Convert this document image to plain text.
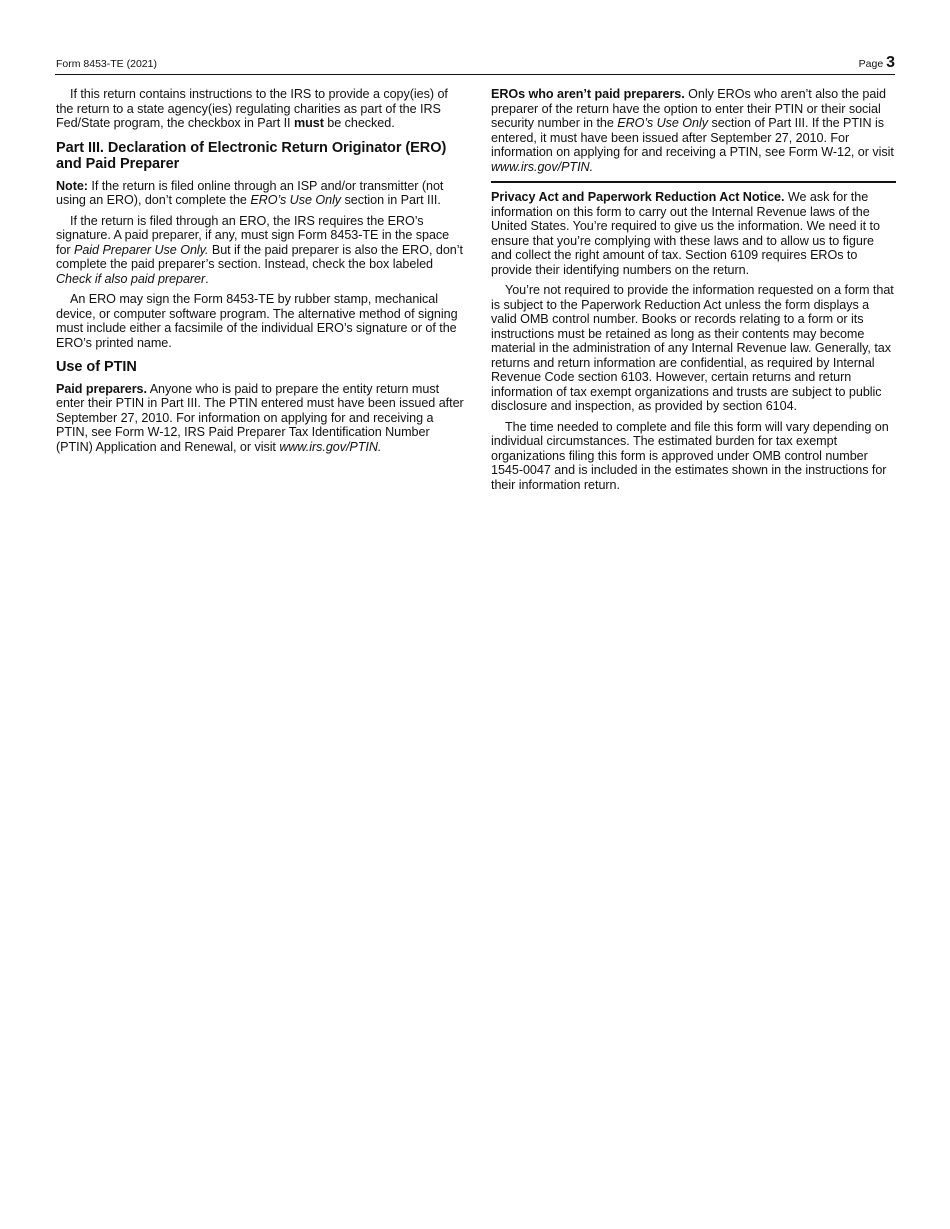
Form 8453-TE (2021)	Page 3

If this return contains instructions to the IRS to provide a copy(ies) of the return to a state agency(ies) regulating charities as part of the IRS Fed/State program, the checkbox in Part II must be checked.

Part III. Declaration of Electronic Return Originator (ERO) and Paid Preparer

Note: If the return is filed online through an ISP and/or transmitter (not using an ERO), don’t complete the ERO’s Use Only section in Part III.

If the return is filed through an ERO, the IRS requires the ERO’s signature. A paid preparer, if any, must sign Form 8453-TE in the space for Paid Preparer Use Only. But if the paid preparer is also the ERO, don’t complete the paid preparer’s section. Instead, check the box labeled Check if also paid preparer.

An ERO may sign the Form 8453-TE by rubber stamp, mechanical device, or computer software program. The alternative method of signing must include either a facsimile of the individual ERO’s signature or of the ERO’s printed name.

Use of PTIN

Paid preparers. Anyone who is paid to prepare the entity return must enter their PTIN in Part III. The PTIN entered must have been issued after September 27, 2010. For information on applying for and receiving a PTIN, see Form W-12, IRS Paid Preparer Tax Identification Number (PTIN) Application and Renewal, or visit www.irs.gov/PTIN.

EROs who aren’t paid preparers. Only EROs who aren’t also the paid preparer of the return have the option to enter their PTIN or their social security number in the ERO’s Use Only section of Part III. If the PTIN is entered, it must have been issued after September 27, 2010. For information on applying for and receiving a PTIN, see Form W-12, or visit www.irs.gov/PTIN.

Privacy Act and Paperwork Reduction Act Notice. We ask for the information on this form to carry out the Internal Revenue laws of the United States. You’re required to give us the information. We need it to ensure that you’re complying with these laws and to allow us to figure and collect the right amount of tax. Section 6109 requires EROs to provide their identifying numbers on the return.

You’re not required to provide the information requested on a form that is subject to the Paperwork Reduction Act unless the form displays a valid OMB control number. Books or records relating to a form or its instructions must be retained as long as their contents may become material in the administration of any Internal Revenue law. Generally, tax returns and return information are confidential, as required by Internal Revenue Code section 6103. However, certain returns and return information of tax exempt organizations and trusts are subject to public disclosure and inspection, as provided by section 6104.

The time needed to complete and file this form will vary depending on individual circumstances. The estimated burden for tax exempt organizations filing this form is approved under OMB control number 1545-0047 and is included in the estimates shown in the instructions for their information return.
